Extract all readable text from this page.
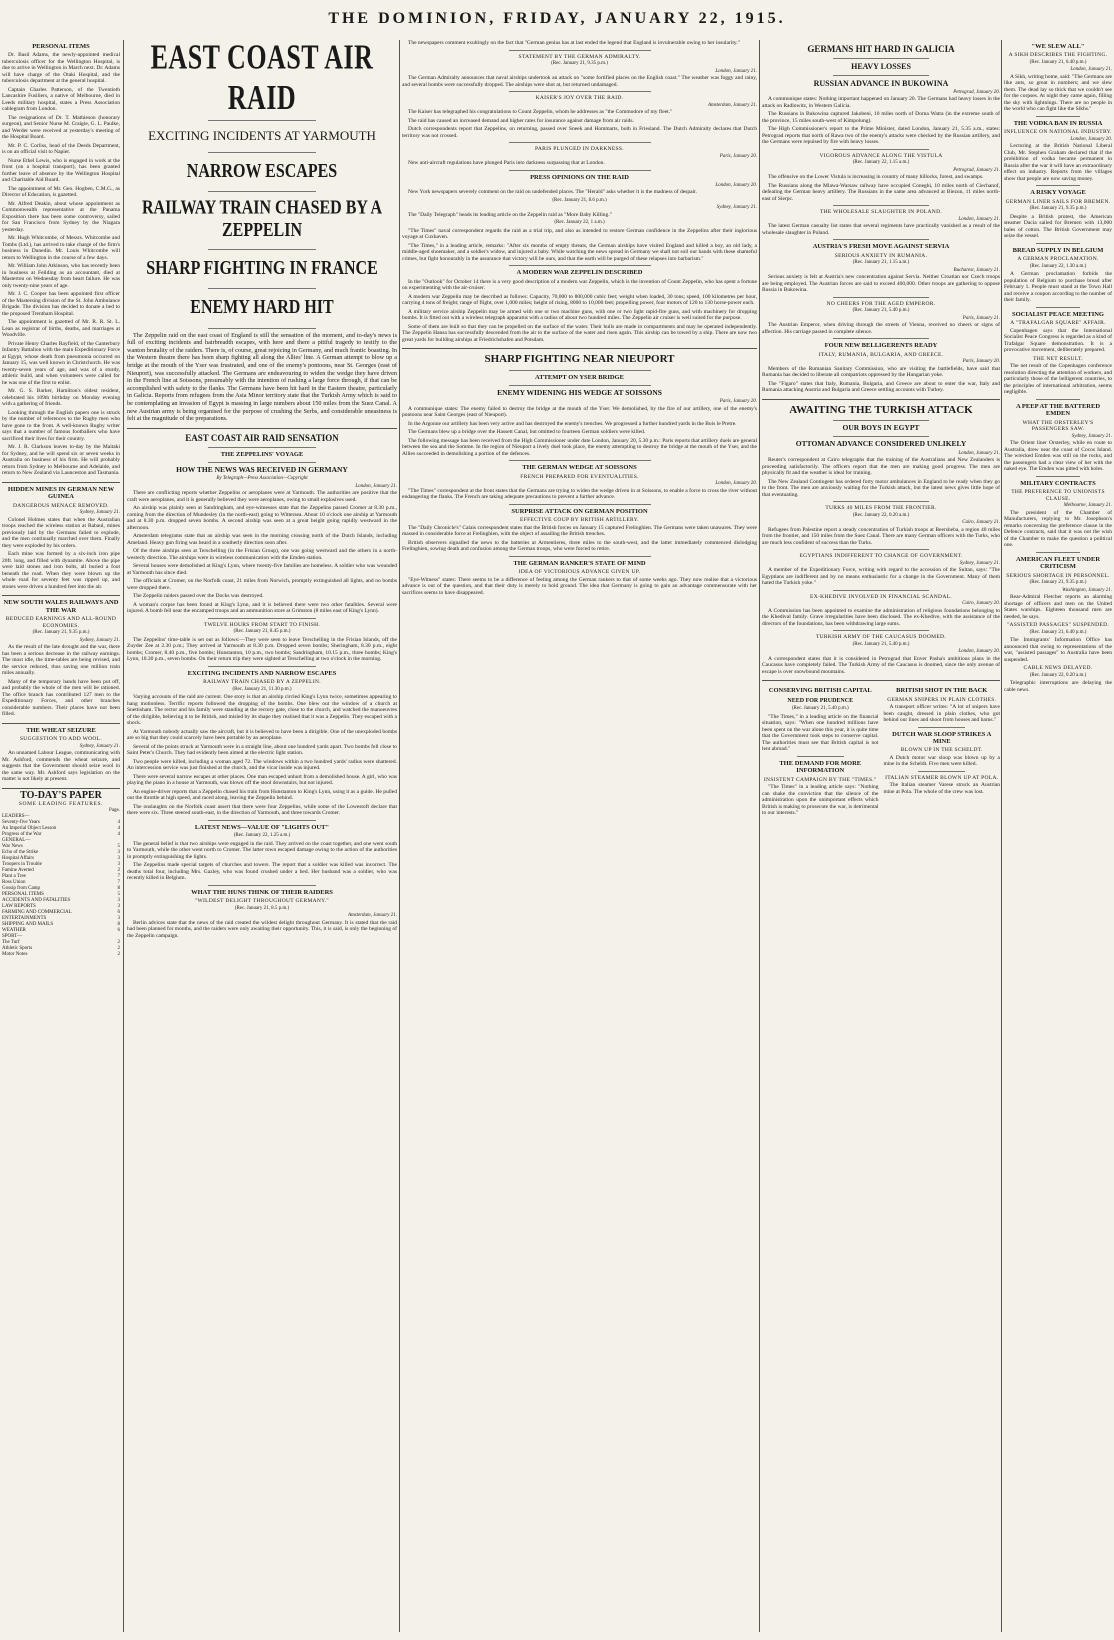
THE DOMINION, FRIDAY, JANUARY 22, 1915.
PERSONAL ITEMS

Dr. Basil Adams, the newly-appointed medical tuberculosis officer for the Wellington Hospital, is due to arrive in Wellington in March next. Dr. Adams will have charge of the Otaki Hospital, and the tuberculosis department at the general hospital.

Captain Charles Patterson, of the Twentieth Lancashire Fusiliers, a native of Melbourne, died in Leeds military hospital, states a Press Association cablegram from London.

The resignations of Dr. T. Mathieson (honorary surgeon), and Senior Nurse M. Craigie, G. L. Paulke, and Werder were received at yesterday's meeting of the Hospital Board.

Mr. P. C. Corliss, head of the Deeds Department, is on an official visit to Napier.

Nurse Ethel Lewis, who is engaged in work at the front (on a hospital transport), has been granted further leave of absence by the Wellington Hospital and Charitable Aid Board.

The appointment of Mr. Geo. Hogben, C.M.G., as Director of Education, is gazetted.

Mr. Alfred Deakin, about whose appointment as Commonwealth representative at the Panama Exposition there has been some controversy, sailed for San Francisco from Sydney by the Niagara yesterday.

Mr. Hugh Whitcombe, of Messrs. Whitcombe and Tombs (Ltd.), has arrived to take charge of the firm's business in Dunedin. Mr. Louis Whitcombe will return to Wellington in the course of a few days.

Mr. William John Atkinson, who has recently been in business at Feilding as an accountant, died at Masterton on Wednesday from heart failure. He was only twenty-nine years of age.

Mr. J. C. Cooper has been appointed first officer of the Mastersing division of the St. John Ambulance Brigade. The division has decided to donate a bed to the proposed Trentham Hospital.

The appointment is gazetted of Mr. R. R. St. L. Lean as registrar of births, deaths, and marriages at Woodville.

Private Henry Charles Rayfield, of the Canterbury Infantry Battalion with the main Expeditionary Force at Egypt, whose death from pneumonia occurred on January 15, was well known in Christchurch. He was twenty-seven years of age, and was of a sturdy, athletic build, and when volunteers were called for he was one of the first to enlist.

Mr. G. S. Barker, Hamilton's oldest resident, celebrated his 109th birthday on Monday evening with a gathering of friends.

Looking through the English papers one is struck by the number of references to the Rugby men who have gone to the front. A well-known Rugby writer says that a number of famous footballers who have sacrificed their lives for their country.

Mr. J. R. Clarkson leaves to-day by the Maitaki for Sydney, and he will spend six or seven weeks in Australia on business of his firm. He will probably return from Sydney to Melbourne and Adelaide, and return to New Zealand via Launceston and Tasmania.

HIDDEN MINES IN GERMAN NEW GUINEA
DANGEROUS MENACE REMOVED.

Sydney, January 21.

Colonel Holmes states that when the Australian troops reached the wireless station at Rabaul, mines previously laid by the Germans failed to explode, and the men continually marched over them. Finally they were exploded by his orders.

Each mine was formed by a six-inch iron pipe 20ft. long, and filled with dynamite. Above the pipe were laid stones and iron bolts, all buried a foot beneath the road. When they were blown up the whole road for seventy feet was ripped up, and stones were driven a hundred feet into the air.

NEW SOUTH WALES RAILWAYS AND THE WAR
REDUCED EARNINGS AND ALL-ROUND ECONOMIES.
(Rec. January 21, 9.35 p.m.)

Sydney, January 21.

As the result of the late drought and the war, there has been a serious decrease in the railway earnings. The most idle, the time-tables are being revised, and the service reduced, thus saving one million train miles annually.

Many of the temporary hands have been put off, and probably the whole of the men will be rationed. The office branch has contributed 127 men to the Expeditionary Forces, and other branches considerable numbers. Their places have not been filled.

THE WHEAT SEIZURE
SUGGESTION TO ADD WOOL.

Sydney, January 21.

An unnamed Labour League, communicating with Mr. Ashford, commends the wheat seizure, and suggests that the Government should seize wool in the same way. Mr. Ashford says legislation on the matter is not likely at present.

TO-DAY'S PAPER
SOME LEADING FEATURES.
Page.
LEADERS—
Seventy-five Years	4
An Imperial Object Lesson	4
Progress of the War	4
GENERAL—
War News	5
Echo of the Strike	3
Hospital Affairs	3
Troopers in Trouble	3
Famine Averted	2
Plant a Tree	7
Ross Union	7
Gossip from Camp	8
PERSONAL ITEMS	5
ACCIDENTS AND FATALITIES	3
LAW REPORTS	3
FARMING AND COMMERCIAL	6
ENTERTAINMENTS	3
SHIPPING AND MAILS	8
WEATHER	6
SPORT—
The Turf	2
Athletic Sports	2
Motor Notes	2
EAST COAST AIR RAID
EXCITING INCIDENTS AT YARMOUTH
NARROW ESCAPES
RAILWAY TRAIN CHASED BY A ZEPPELIN
SHARP FIGHTING IN FRANCE
ENEMY HARD HIT

The Zeppelin raid on the east coast of England is still the sensation of the moment, and to-day's news is full of exciting incidents and hairbreadth escapes, with here and there a pitiful tragedy to testify to the wanton brutality of the raiders. There is, of course, great rejoicing in Germany, and much frantic boasting. In the Western theatre there has been sharp fighting all along the Allies' line. A German attempt to blow up a bridge at the mouth of the Yser was frustrated, and one of the enemy's pontoons, near St. Georges (east of Nieuport), was successfully attacked. The Germans are endeavouring to widen the wedge they have driven in the French line at Soissons, presumably with the intention of rushing a large force through, if that can be accomplished with safety to the flanks. The Germans have been hit hard in the Eastern theatre, particularly in Galicia. Reports from refugees from the Asia Minor territory state that the Turkish Army which is said to be contemplating an invasion of Egypt is massing in large numbers about 150 miles from the Suez Canal. A new Austrian army is being organised for the purpose of crushing the Serbs, and considerable uneasiness is felt at the magnitude of the preparations.

EAST COAST AIR RAID SENSATION
THE ZEPPELINS' VOYAGE
HOW THE NEWS WAS RECEIVED IN GERMANY
By Telegraph—Press Association—Copyright

London, January 21.

There are conflicting reports whether Zeppelins or aeroplanes were at Yarmouth. The authorities are positive that the craft were aeroplanes, and it is generally believed they were aeroplanes, owing to small explosives used.

An airship was plainly seen at Sandringham, and eye-witnesses state that the Zeppelins passed Cromer at 8.30 p.m., coming from the direction of Mundesley (in the north-east) going to Wittersea. About 10 o'clock one airship at Yarmouth and at 8.30 p.m. dropped seven bombs. A second airship was seen at a great height going rapidly westward in the afternoon.

Amsterdam telegrams state that an airship was seen in the morning crossing north of the Dutch Islands, including Ameland. Heavy gun firing was heard in a southerly direction soon after.

Of the three airships seen at Terschelling (in the Frisian Group), one was going westward and the others in a north-westerly direction. The airships were in wireless communication with the Emden station.

Several houses were demolished at King's Lynn, where twenty-five families are homeless. A soldier who was wounded at Yarmouth has since died.

The officials at Cromer, on the Norfolk coast, 21 miles from Norwich, promptly extinguished all lights, and no bombs were dropped there.

The Zeppelin raiders passed over the Docks was destroyed.

A woman's corpse has been found at King's Lynn, and it is believed there were two other fatalities. Several were injured. A bomb fell near the encamped troops and an ammunition store at Grimston (8 miles east of King's Lynn).

TWELVE HOURS FROM START TO FINISH.
(Rec. January 21, 8.45 p.m.)

The Zeppelins' time-table is set out as follows:—They were seen to leave Terschelling in the Frisian Islands, off the Zuyder Zee at 2.30 p.m.; They arrived at Yarmouth at 8.30 p.m. Dropped seven bombs; Sheringham, 8.30 p.m., eight bombs; Cromer, 8.40 p.m., five bombs; Hunstanton, 10 p.m., two bombs; Sandringham, 10.15 p.m., three bombs; King's Lynn, 10.30 p.m., seven bombs. On their return trip they were sighted at Terschelling at two o'clock in the morning.

EXCITING INCIDENTS AND NARROW ESCAPES
RAILWAY TRAIN CHASED BY A ZEPPELIN.
(Rec. January 21, 11.30 p.m.)

Varying accounts of the raid are current. One story is that an airship circled King's Lynn twice, sometimes appearing to hang motionless. Terrific reports followed the dropping of the bombs. One blew out the window of a church at Snettisham. The rector and his family were standing at the rectory gate, close to the church, and watched the manoeuvres of the dirigible, believing it to be British, and misled by its shape they realised that it was a Zeppelin. They escaped with a shock.

At Yarmouth nobody actually saw the aircraft, but it is believed to have been a dirigible. One of the unexploded bombs are so big that they could scarcely have been portable by an aeroplane.

Several of the points struck at Yarmouth were in a straight line, about one hundred yards apart. Two bombs fell close to Saint Peter's Church. They had evidently been aimed at the electric light station.

Two people were killed, including a woman aged 72. The windows within a two hundred yards' radius were shattered. An intercession service was just finished at the church, and the vicar inside was injured.

There were several narrow escapes at other places. One man escaped unhurt from a demolished house. A girl, who was playing the piano in a house at Yarmouth, was blown off the stool downstairs, but not injured.

An engine-driver reports that a Zeppelin chased his train from Hunstanton to King's Lynn, using it as a guide. He pulled out the throttle at high speed, and raced along, leaving the Zeppelin behind.

The onslaughts on the Norfolk coast assert that there were four Zeppelins, while some of the Lowestoft declare that there were six. Three steered south-east, in the direction of Yarmouth, and three towards Cromer.

LATEST NEWS—VALUE OF "LIGHTS OUT"
(Rec. January 22, 1.25 a.m.)

The general belief is that two airships were engaged in the raid. They arrived on the coast together, and one went south to Yarmouth, while the other went north to Cromer. The latter town escaped damage owing to the action of the authorities in promptly extinguishing the lights.

The Zeppelins made special targets of churches and towers. The report that a soldier was killed was incorrect. The deaths total four, including Mrs. Gazley, who was found crushed under a bed. Her husband was a soldier, who was recently killed in Belgium.

WHAT THE HUNS THINK OF THEIR RAIDERS
"WILDEST DELIGHT THROUGHOUT GERMANY."
(Rec. January 21, 8.5 p.m.)

Amsterdam, January 21.

Berlin advices state that the news of the raid created the wildest delight throughout Germany. It is stated that the raid had been planned for months, and the raiders were only awaiting their opportunity. This, it is said, is only the beginning of the Zeppelin campaign.

The newspapers comment exultingly on the fact that "German genius has at last ended the legend that England is invulnerable owing to her insularity."

STATEMENT BY THE GERMAN ADMIRALTY.
(Rec. January 21, 9.35 p.m.)

London, January 21.

The German Admiralty announces that naval airships undertook an attack on "some fortified places on the English coast." The weather was foggy and rainy, and several bombs were successfully dropped. The airships were shot at, but returned undamaged.

KAISER'S JOY OVER THE RAID.

Amsterdam, January 21.

The Kaiser has telegraphed his congratulations to Count Zeppelin, whom he addresses as "the Commodore of my fleet."

The raid has caused an increased demand and higher rates for insurance against damage from air raids.

Dutch correspondents report that Zeppelins, on returning, passed over Sneek and Hommarts, both in Friesland. The Dutch Admiralty declares that Dutch territory was not crossed.

PARIS PLUNGED IN DARKNESS.

Paris, January 20.

New anti-aircraft regulations have plunged Paris into darkness surpassing that at London.

PRESS OPINIONS ON THE RAID

London, January 20.

New York newspapers severely comment on the raid on undefended places. The "Herald" asks whether it is the madness of despair.

(Rec. January 21, 8.6 p.m.)

Sydney, January 21.

The "Daily Telegraph" heads its leading article on the Zeppelin raid as "More Baby Killing."

(Rec. January 22, 1 a.m.)

"The Times" naval correspondent regards the raid as a trial trip, and also as intended to restore German confidence in the Zeppelins after their inglorious voyage at Cuxhaven.

"The Times," in a leading article, remarks: "After six months of empty threats, the German airships have visited England and killed a boy, an old lady, a middle-aged shoemaker, and a soldier's widow, and injured a baby. While watching the news spread in Germany we shall not soil our hands with these shameful crimes, but fight honourably in the assurance that victory will be ours, and that the earth will be purged of these relapses into barbarism."

A MODERN WAR ZEPPELIN DESCRIBED

In the "Outlook" for October 14 there is a very good description of a modern war Zeppelin, which is the invention of Count Zeppelin, who has spent a fortune on experimenting with the air-cruiser.

A modern war Zeppelin may be described as follows: Capacity, 70,000 to 800,000 cubic feet; weight when loaded, 30 tons; speed, 100 kilometres per hour, carrying 4 tons of freight; range of flight, over 1,000 miles; height of rising, 8000 to 10,000 feet; propelling power, four motors of 120 to 130 horse-power each.

A military service airship Zeppelin may be armed with one or two machine guns, with one or two light rapid-fire guns, and with machinery for dropping bombs. It is fitted out with a wireless telegraph apparatus with a radius of about two hundred miles. The Zeppelin air cruiser is well suited for the purpose.

Some of them are built so that they can be propelled on the surface of the water. Their hulls are made in compartments and may be operated independently. The Zeppelin Hansa has successfully descended from the air to the surface of the water and risen again. This airship can be towed by a ship. There are now two great yards for building airships at Friedrichshafen and Potsdam.

SHARP FIGHTING NEAR NIEUPORT
ATTEMPT ON YSER BRIDGE
ENEMY WIDENING HIS WEDGE AT SOISSONS

Paris, January 20.

A communique states: The enemy failed to destroy the bridge at the mouth of the Yser. We demolished, by the fire of our artillery, one of the enemy's pontoons near Saint Georges (east of Nieuport).

In the Argonne our artillery has been very active and has destroyed the enemy's trenches. We progressed a further hundred yards in the Bois le Pretre.

The Germans blew up a bridge over the Hassett Canal, but omitted to fourteen German soldiers were killed.

The following message has been received from the High Commissioner under date London, January 20, 5.30 p.m.: Paris reports that artillery duels are general between the sea and the Somme. In the region of Nieuport a lively duel took place, the enemy attempting to destroy the bridge at the mouth of the Yser, and the Allies succeeded in demolishing a portion of the defences.

THE GERMAN WEDGE AT SOISSONS
FRENCH PREPARED FOR EVENTUALITIES.

London, January 20.

"The Times" correspondent at the front states that the Germans are trying to widen the wedge driven in at Soissons, to enable a force to cross the river without endangering the flanks. The French are taking adequate precautions to prevent a further advance.

SURPRISE ATTACK ON GERMAN POSITION
EFFECTIVE COUP BY BRITISH ARTILLERY.

The "Daily Chronicle's" Calais correspondent states that the British forces on January 15 captured Frelinghien. The Germans were taken unawares. They were massed in considerable force at Frelinghien, with the object of assailing the British trenches.

British observers signalled the news to the batteries at Armentieres, three miles to the south-west, and the latter immediately commenced dislodging Frelinghien, sowing death and confusion among the German troops, who were forced to retire.

THE GERMAN RANKER'S STATE OF MIND
IDEA OF VICTORIOUS ADVANCE GIVEN UP.

"Eye-Witness" states: There seems to be a difference of feeling among the German rankers to that of some weeks ago. They now realise that a victorious advance is out of the question, and that their duty is merely to hold ground. The idea that Germany is going to gain an advantage commensurate with her sacrifices seems to have disappeared.

GERMANS HIT HARD IN GALICIA
HEAVY LOSSES
RUSSIAN ADVANCE IN BUKOWINA

Petrograd, January 20.

A communique states: Nothing important happened on January 20. The Germans had heavy losses in the attack on Radlowitz, in Western Galicia.

The Russians in Bukowina captured Jakobeni, 10 miles north of Dorna Watra (in the extreme south of the province, 15 miles south-west of Kimpolung).

The High Commissioner's report to the Prime Minister, dated London, January 21, 5.35 a.m., states: Petrograd reports that north of Rawa two of the enemy's attacks were checked by the Russian artillery, and the Germans were repulsed by fire with heavy losses.

VIGOROUS ADVANCE ALONG THE VISTULA
(Rec. January 22, 1.15 a.m.)

Petrograd, January 21.

The offensive on the Lower Vistula is increasing in country of many hillocks, forest, and swamps.

The Russians along the Mlawa-Warsaw railway have occupied Coneghi, 10 miles north of Ciechanof, defeating the German heavy artillery. The Russians in the same area advanced at Biezun, 11 miles north-east of Sierpc.

THE WHOLESALE SLAUGHTER IN POLAND.

London, January 21.

The latest German casualty list states that several regiments have practically vanished as a result of the wholesale slaughter in Poland.

AUSTRIA'S FRESH MOVE AGAINST SERVIA
SERIOUS ANXIETY IN RUMANIA.
(Rec. January 21, 1.15 a.m.)

Bucharest, January 21.

Serious anxiety is felt at Austria's new concentration against Servia. Neither Croatian nor Czech troops are being employed. The Austrian forces are said to exceed 400,000. Other troops are gathering to oppose Russia in Bukowina.

NO CHEERS FOR THE AGED EMPEROR.
(Rec. January 21, 5.40 p.m.)

Paris, January 21.

The Austrian Emperor, when driving through the streets of Vienna, received no cheers or signs of affection. His carriage passed in complete silence.

FOUR NEW BELLIGERENTS READY
ITALY, RUMANIA, BULGARIA, AND GREECE.

Paris, January 20.

Members of the Rumanian Sanitary Commission, who are visiting the battlefields, have said that Rumania has decided to liberate all compatriots oppressed by the Hungarian yoke.

The "Figaro" states that Italy, Rumania, Bulgaria, and Greece are about to enter the war, Italy and Rumania attacking Austria and Bulgaria and Greece settling accounts with Turkey.

AWAITING THE TURKISH ATTACK
OUR BOYS IN EGYPT
OTTOMAN ADVANCE CONSIDERED UNLIKELY

London, January 21.

Reuter's correspondent at Cairo telegraphs that the training of the Australians and New Zealanders is proceeding satisfactorily. The officers report that the men are making good progress. The men are physically fit and the weather is ideal for training.

The New Zealand Contingent has ordered forty motor ambulances in England to be ready when they go to the front. The men are anxiously waiting for the Turkish attack, but the latest news gives little hope of that eventuating.

TURKS 40 MILES FROM THE FRONTIER.
(Rec. January 22, 0.20 a.m.)

Cairo, January 21.

Refugees from Palestine report a steady concentration of Turkish troops at Beersheba, a region 40 miles from the frontier, and 150 miles from the Suez Canal. There are many German officers with the Turks, who are much less confident of success than the Turks.

EGYPTIANS INDIFFERENT TO CHANGE OF GOVERNMENT.

Sydney, January 21.

A member of the Expeditionary Force, writing with regard to the accession of the Sultan, says: "The Egyptians are indifferent and by no means enthusiastic for a change in the Government. Many of them hated the Turkish yoke."

EX-KHEDIVE INVOLVED IN FINANCIAL SCANDAL.

Cairo, January 20.

A Commission has been appointed to examine the administration of religious foundations belonging to the Khedival family. Grave irregularities have been disclosed. The ex-Khedive, with the assistance of the directors of the foundations, has been withdrawing large sums.

TURKISH ARMY OF THE CAUCASUS DOOMED.
(Rec. January 21, 5.40 p.m.)

London, January 20.

A correspondent states that it is considered in Petrograd that Enver Pasha's ambitious plans in the Caucasus have completely failed. The Turkish Army of the Caucasus is doomed, since the only avenue of escape is over snowbound mountains.

CONSERVING BRITISH CAPITAL
NEED FOR PRUDENCE
(Rec. January 21, 5.40 p.m.)

"The Times," in a leading article on the financial situation, says: "When one hundred millions have been spent on the war alone this year, it is quite time that the Government took steps to conserve capital. The authorities must see that British capital is not lent abroad."

THE DEMAND FOR MORE INFORMATION
INSISTENT CAMPAIGN BY THE "TIMES."

"The Times" in a leading article says: "Nothing can shake the conviction that the silence of the administration upon the unimportant effects which British is making to prosecute the war, is detrimental to our interests."

BRITISH SHOT IN THE BACK
GERMAN SNIPERS IN PLAIN CLOTHES.

A transport officer writes: "A lot of snipers have been caught, dressed in plain clothes, who got behind our lines and shoot from houses and barns."

DUTCH WAR SLOOP STRIKES A MINE
BLOWN UP IN THE SCHELDT.

A Dutch motor war sloop was blown up by a mine in the Scheldt. Five men were killed.

ITALIAN STEAMER BLOWN UP AT POLA.

The Italian steamer Varese struck an Austrian mine at Pola. The whole of the crew was lost.

"WE SLEW ALL"
A SIKH DESCRIBES THE FIGHTING.
(Rec. January 21, 6.40 p.m.)

London, January 21.

A Sikh, writing home, said: "The Germans are like ants, so great in numbers; and we slew them. The dead lay so thick that we couldn't see for the corpses. At night they came again, filling the sky with lightnings. There are no people in the world who can fight like the Sikhs."

THE VODKA BAN IN RUSSIA
INFLUENCE ON NATIONAL INDUSTRY.

London, January 20.

Lecturing at the British National Liberal Club, Mr. Stephen Graham declared that if the prohibition of vodka became permanent in Russia after the war it will have an extraordinary effect on industry. Reports from the villages show that people are now saving money.

A RISKY VOYAGE
GERMAN LINER SAILS FOR BREMEN.
(Rec. January 21, 9.35 p.m.)

Despite a British protest, the American steamer Dacia sailed for Bremen with 13,000 bales of cotton. The British Government may seize the vessel.

BREAD SUPPLY IN BELGIUM
A GERMAN PROCLAMATION.
(Rec. January 22, 1.30 a.m.)

A German proclamation forbids the population of Belgium to purchase bread after February 1. People must stand at the Town Hall and receive a coupon according to the number of their family.

SOCIALIST PEACE MEETING
A "TRAFALGAR SQUARE" AFFAIR.

Copenhagen says that the International Socialist Peace Congress is regarded as a kind of Trafalgar Square demonstration. It is a provocative movement, deliberately prepared.

THE NET RESULT.

The net result of the Copenhagen conference resolution directing the attention of workers, and particularly those of the belligerent countries, to the principles of international arbitration, seems negligible.

A PEEP AT THE BATTERED EMDEN
WHAT THE ORSTERLEY'S PASSENGERS SAW.

Sydney, January 21.

The Orient liner Orsterley, while en route to Australia, drew near the coast of Cocos Island. The wrecked Emden was still on the rocks, and the passengers had a clear view of her with the naked eye. The Emden was pitted with holes.

MILITARY CONTRACTS
THE PREFERENCE TO UNIONISTS CLAUSE.

Melbourne, January 21.

The president of the Chamber of Manufacturers, replying to Mr. Josephson's remarks concerning the preference clause in the Defence contracts, said that it was not the wish of the Chamber to make the question a political one.

AMERICAN FLEET UNDER CRITICISM
SERIOUS SHORTAGE IN PERSONNEL.
(Rec. January 21, 9.35 p.m.)

Washington, January 21.

Rear-Admiral Fletcher reports an alarming shortage of officers and men on the United States warships. Eighteen thousand men are needed, he says.

"ASSISTED PASSAGES" SUSPENDED.
(Rec. January 21, 6.40 p.m.)

The Immigrants' Information Office has announced that owing to representations of the war, "assisted passages" to Australia have been suspended.

CABLE NEWS DELAYED.
(Rec. January 22, 0.20 a.m.)

Telegraphic interruptions are delaying the cable news.
